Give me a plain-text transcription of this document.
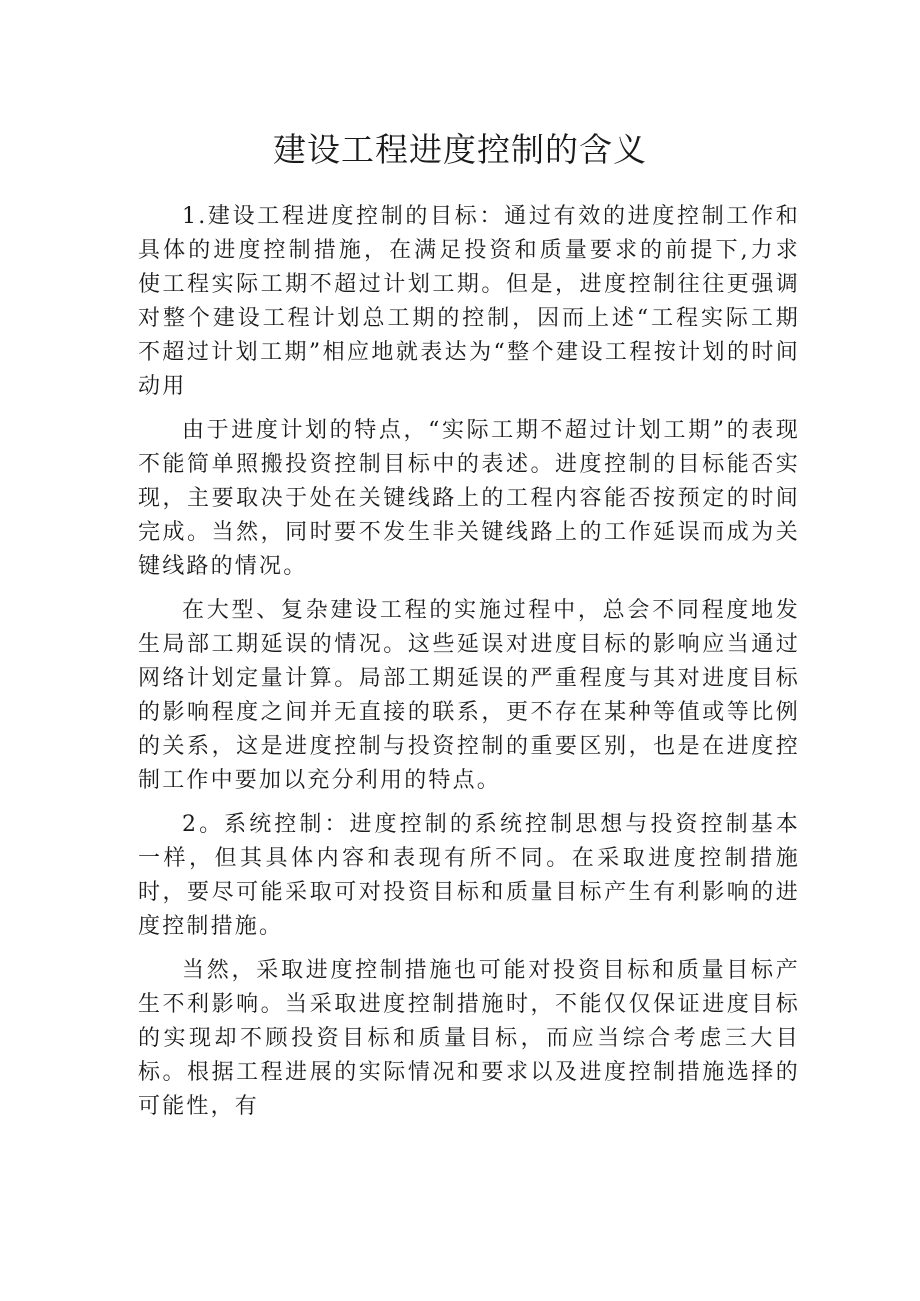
建设工程进度控制的含义

1.建设工程进度控制的目标：通过有效的进度控制工作和具体的进度控制措施，在满足投资和质量要求的前提下,力求使工程实际工期不超过计划工期。但是，进度控制往往更强调对整个建设工程计划总工期的控制，因而上述“工程实际工期不超过计划工期”相应地就表达为“整个建设工程按计划的时间动用

由于进度计划的特点，“实际工期不超过计划工期”的表现不能简单照搬投资控制目标中的表述。进度控制的目标能否实现，主要取决于处在关键线路上的工程内容能否按预定的时间完成。当然，同时要不发生非关键线路上的工作延误而成为关键线路的情况。

在大型、复杂建设工程的实施过程中，总会不同程度地发生局部工期延误的情况。这些延误对进度目标的影响应当通过网络计划定量计算。局部工期延误的严重程度与其对进度目标的影响程度之间并无直接的联系，更不存在某种等值或等比例的关系，这是进度控制与投资控制的重要区别，也是在进度控制工作中要加以充分利用的特点。

2。系统控制：进度控制的系统控制思想与投资控制基本一样，但其具体内容和表现有所不同。在采取进度控制措施时，要尽可能采取可对投资目标和质量目标产生有利影响的进度控制措施。

当然，采取进度控制措施也可能对投资目标和质量目标产生不利影响。当采取进度控制措施时，不能仅仅保证进度目标的实现却不顾投资目标和质量目标，而应当综合考虑三大目标。根据工程进展的实际情况和要求以及进度控制措施选择的可能性，有
